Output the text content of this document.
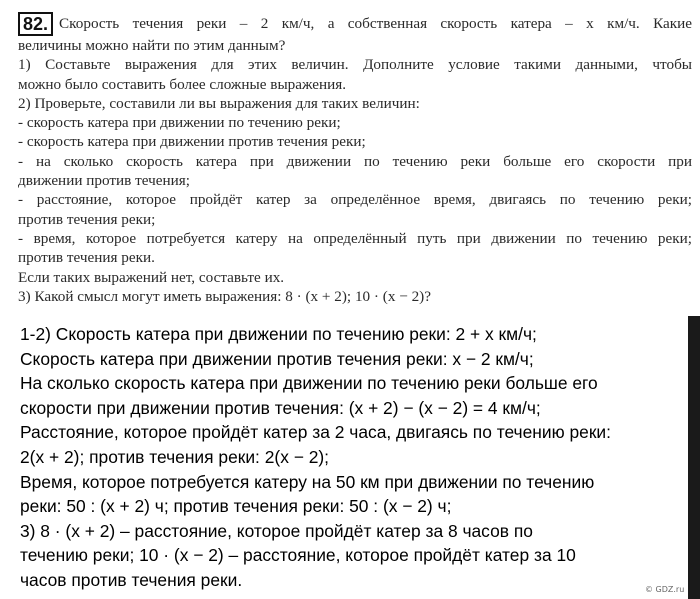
82. Скорость течения реки – 2 км/ч, а собственная скорость катера – x км/ч. Какие

величины можно найти по этим данным?

1) Составьте выражения для этих величин. Дополните условие такими данными, чтобы

можно было составить более сложные выражения.

2) Проверьте, составили ли вы выражения для таких величин:

- скорость катера при движении по течению реки;

- скорость катера при движении против течения реки;

- на сколько скорость катера при движении по течению реки больше его скорости при

движении против течения;

- расстояние, которое пройдёт катер за определённое время, двигаясь по течению реки;

против течения реки;

- время, которое потребуется катеру на определённый путь при движении по течению реки;

против течения реки.

Если таких выражений нет, составьте их.

3) Какой смысл могут иметь выражения: 8 · (x + 2); 10 · (x − 2)?

1-2) Скорость катера при движении по течению реки: 2 + x км/ч;

Скорость катера при движении против течения реки: x − 2 км/ч;

На сколько скорость катера при движении по течению реки больше его

скорости при движении против течения: (x + 2) − (x − 2) = 4 км/ч;

Расстояние, которое пройдёт катер за 2 часа, двигаясь по течению реки:

2(x + 2); против течения реки: 2(x − 2);

Время, которое потребуется катеру на 50 км при движении по течению

реки: 50 : (x + 2) ч; против течения реки: 50 : (x − 2) ч;

3) 8 · (x + 2) – расстояние, которое пройдёт катер за 8 часов по

течению реки; 10 · (x − 2) – расстояние, которое пройдёт катер за 10

часов против течения реки.	© GDZ.ru
